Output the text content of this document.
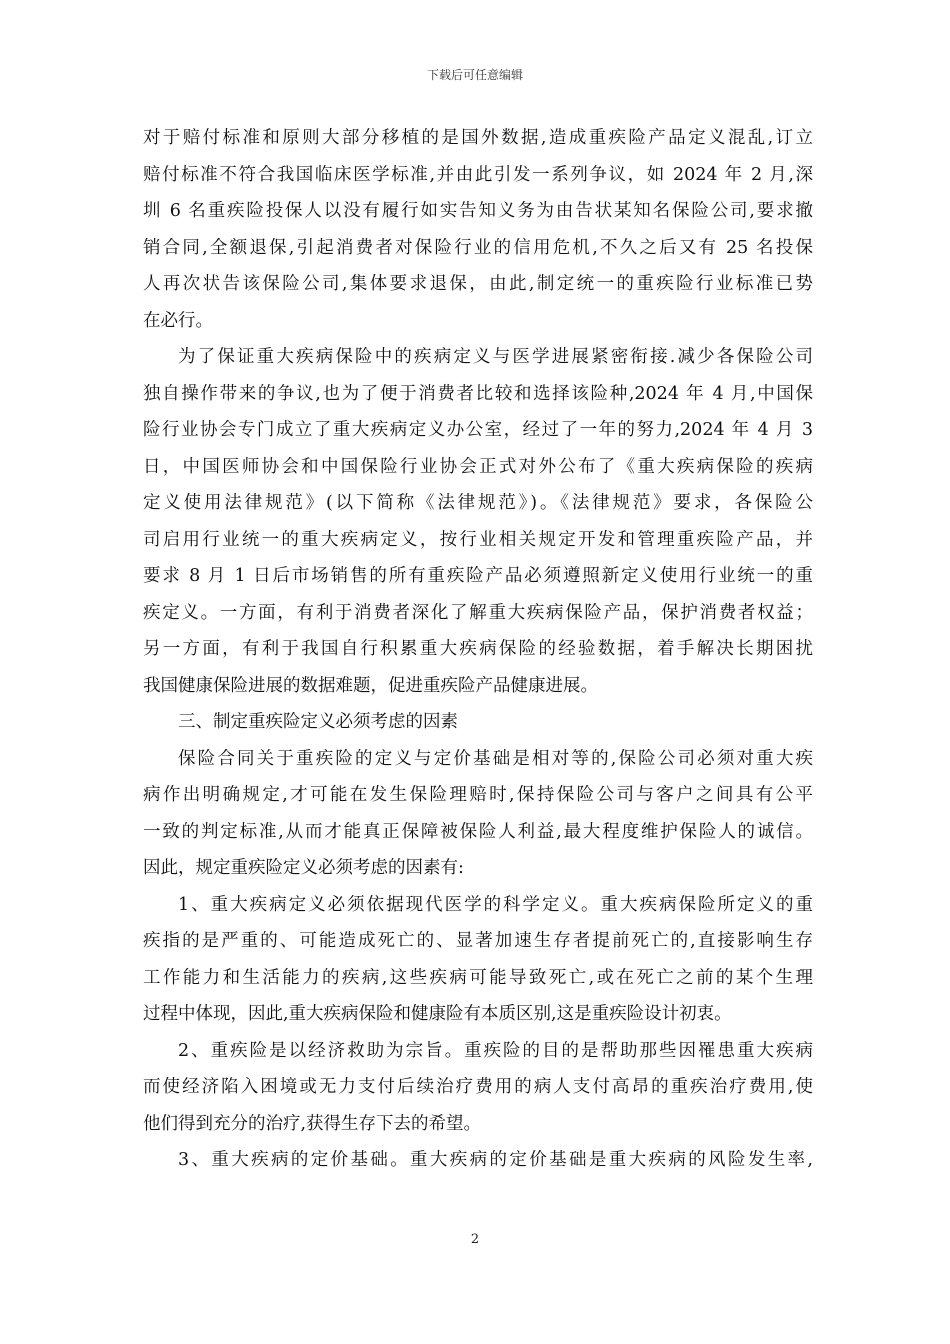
下载后可任意编辑
对于赔付标准和原则大部分移植的是国外数据,造成重疾险产品定义混乱,订立
赔付标准不符合我国临床医学标准,并由此引发一系列争议，如 2024 年 2 月,深
圳 6 名重疾险投保人以没有履行如实告知义务为由告状某知名保险公司,要求撤
销合同,全额退保,引起消费者对保险行业的信用危机,不久之后又有 25 名投保
人再次状告该保险公司,集体要求退保，由此,制定统一的重疾险行业标准已势
在必行。
为了保证重大疾病保险中的疾病定义与医学进展紧密衔接.减少各保险公司
独自操作带来的争议,也为了便于消费者比较和选择该险种,2024 年 4 月,中国保
险行业协会专门成立了重大疾病定义办公室，经过了一年的努力,2024 年 4 月 3
日，中国医师协会和中国保险行业协会正式对外公布了《重大疾病保险的疾病
定义使用法律规范》(以下简称《法律规范》)。《法律规范》要求，各保险公
司启用行业统一的重大疾病定义，按行业相关规定开发和管理重疾险产品，并
要求 8 月 1 日后市场销售的所有重疾险产品必须遵照新定义使用行业统一的重
疾定义。一方面，有利于消费者深化了解重大疾病保险产品，保护消费者权益；
另一方面，有利于我国自行积累重大疾病保险的经验数据，着手解决长期困扰
我国健康保险进展的数据难题，促进重疾险产品健康进展。
三、制定重疾险定义必须考虑的因素
保险合同关于重疾险的定义与定价基础是相对等的,保险公司必须对重大疾
病作出明确规定,才可能在发生保险理赔时,保持保险公司与客户之间具有公平
一致的判定标准,从而才能真正保障被保险人利益,最大程度维护保险人的诚信。
因此，规定重疾险定义必须考虑的因素有:
1、重大疾病定义必须依据现代医学的科学定义。重大疾病保险所定义的重
疾指的是严重的、可能造成死亡的、显著加速生存者提前死亡的,直接影响生存
工作能力和生活能力的疾病,这些疾病可能导致死亡,或在死亡之前的某个生理
过程中体现，因此,重大疾病保险和健康险有本质区别,这是重疾险设计初衷。
2、重疾险是以经济救助为宗旨。重疾险的目的是帮助那些因罹患重大疾病
而使经济陷入困境或无力支付后续治疗费用的病人支付高昂的重疾治疗费用,使
他们得到充分的治疗,获得生存下去的希望。
3、重大疾病的定价基础。重大疾病的定价基础是重大疾病的风险发生率,
2
